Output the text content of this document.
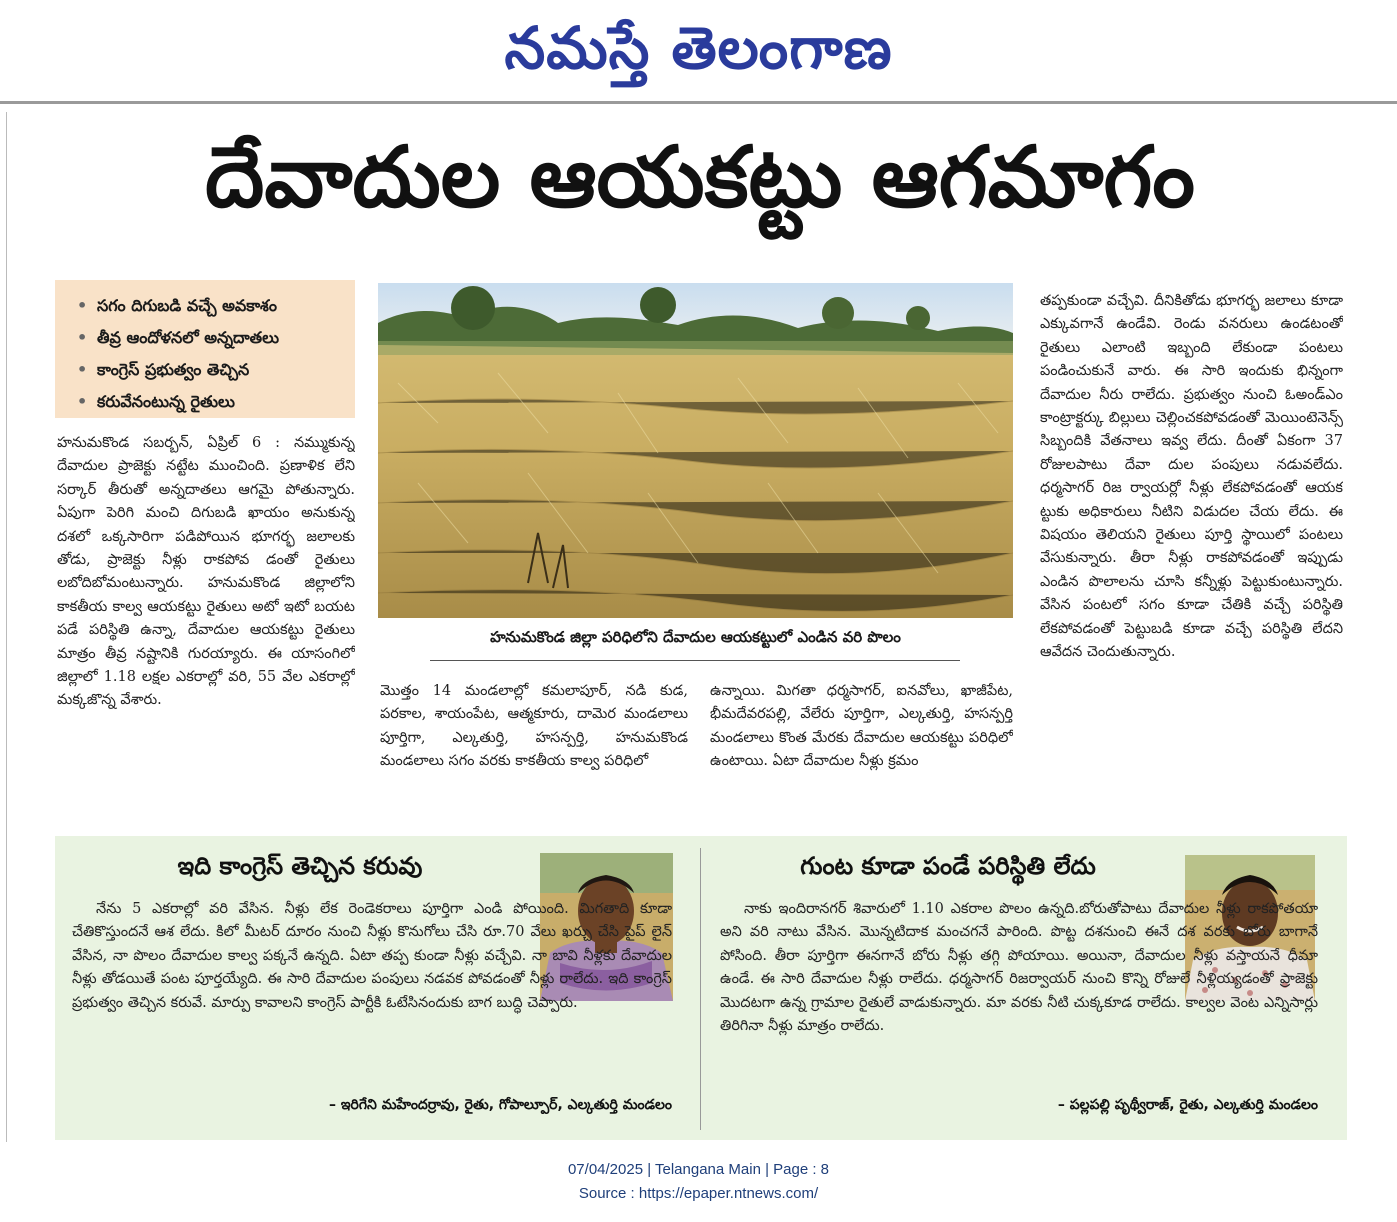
నమస్తే తెలంగాణ
దేవాదుల ఆయకట్టు ఆగమాగం
• సగం దిగుబడి వచ్చే అవకాశం
• తీవ్ర ఆందోళనలో అన్నదాతలు
• కాంగ్రెస్ ప్రభుత్వం తెచ్చిన
• కరువేనంటున్న రైతులు
హనుమకొండ సబర్బన్, ఏప్రిల్ 6 : నమ్ముకున్న దేవాదుల ప్రాజెక్టు నట్టేట ముంచింది. ప్రణాళిక లేని సర్కార్ తీరుతో అన్నదాతలు ఆగమై పోతున్నారు. ఏపుగా పెరిగి మంచి దిగుబడి ఖాయం అనుకున్న దశలో ఒక్కసారిగా పడిపోయిన భూగర్భ జలాలకు తోడు, ప్రాజెక్టు నీళ్లు రాకపోవ డంతో రైతులు లబోదిబోమంటున్నారు. హనుమకొండ జిల్లాలోని కాకతీయ కాల్వ ఆయకట్టు రైతులు అటో ఇటో బయట పడే పరిస్థితి ఉన్నా, దేవాదుల ఆయకట్టు రైతులు మాత్రం తీవ్ర నష్టానికి గురయ్యారు. ఈ యాసంగిలో జిల్లాలో 1.18 లక్షల ఎకరాల్లో వరి, 55 వేల ఎకరాల్లో మక్కజొన్న వేశారు.
హనుమకొండ జిల్లా పరిధిలోని దేవాదుల ఆయకట్టులో ఎండిన వరి పొలం
మొత్తం 14 మండలాల్లో కమలాపూర్, నడి కుడ, పరకాల, శాయంపేట, ఆత్మకూరు, దామెర మండలాలు పూర్తిగా, ఎల్కతుర్తి, హసన్పర్తి, హనుమకొండ మండలాలు సగం వరకు కాకతీయ కాల్వ పరిధిలో
ఉన్నాయి. మిగతా ధర్మసాగర్, ఐనవోలు, ఖాజీపేట, భీమదేవరపల్లి, వేలేరు పూర్తిగా, ఎల్కతుర్తి, హసన్పర్తి మండలాలు కొంత మేరకు దేవాదుల ఆయకట్టు పరిధిలో ఉంటాయి. ఏటా దేవాదుల నీళ్లు క్రమం
తప్పకుండా వచ్చేవి. దీనికితోడు భూగర్భ జలాలు కూడా ఎక్కువగానే ఉండేవి. రెండు వనరులు ఉండటంతో రైతులు ఎలాంటి ఇబ్బంది లేకుండా పంటలు పండించుకునే వారు. ఈ సారి ఇందుకు భిన్నంగా దేవాదుల నీరు రాలేదు. ప్రభుత్వం నుంచి ఓఅండ్ఎం కాంట్రాక్టర్కు బిల్లులు చెల్లించకపోవడంతో మెయింటెనెన్స్ సిబ్బందికి వేతనాలు ఇవ్వ లేదు. దీంతో ఏకంగా 37 రోజులపాటు దేవా దుల పంపులు నడువలేదు. ధర్మసాగర్ రిజ ర్వాయర్లో నీళ్లు లేకపోవడంతో ఆయక ట్టుకు అధికారులు నీటిని విడుదల చేయ లేదు. ఈ విషయం తెలియని రైతులు పూర్తి స్థాయిలో పంటలు వేసుకున్నారు. తీరా నీళ్లు రాకపోవడంతో ఇప్పుడు ఎండిన పొలాలను చూసి కన్నీళ్లు పెట్టుకుంటున్నారు. వేసిన పంటలో సగం కూడా చేతికి వచ్చే పరిస్థితి లేకపోవడంతో పెట్టుబడి కూడా వచ్చే పరిస్థితి లేదని ఆవేదన చెందుతున్నారు.
ఇది కాంగ్రెస్ తెచ్చిన కరువు
నేను 5 ఎకరాల్లో వరి వేసిన. నీళ్లు లేక రెండెకరాలు పూర్తిగా ఎండి పోయింది. మిగతాది కూడా చేతికొస్తుందనే ఆశ లేదు. కిలో మీటర్ దూరం నుంచి నీళ్లు కొనుగోలు చేసి రూ.70 వేలు ఖర్చు చేసి పైప్ లైన్ వేసిన, నా పొలం దేవాదుల కాల్వ పక్కనే ఉన్నది. ఏటా తప్ప కుండా నీళ్లు వచ్చేవి. నా బావి నీళ్లకు దేవాదుల నీళ్లు తోడయితే పంట పూర్తయ్యేది. ఈ సారి దేవాదుల పంపులు నడవక పోవడంతో నీళ్లు రాలేదు. ఇది కాంగ్రెస్ ప్రభుత్వం తెచ్చిన కరువే. మార్పు కావాలని కాంగ్రెస్ పార్టీకి ఓటేసినందుకు బాగ బుద్ధి చెప్పారు.
– ఇరిగేని మహేందర్రావు, రైతు, గోపాల్పూర్, ఎల్కతుర్తి మండలం
గుంట కూడా పండే పరిస్థితి లేదు
నాకు ఇందిరానగర్ శివారులో 1.10 ఎకరాల పొలం ఉన్నది.బోరుతోపాటు దేవాదుల నీళ్లు రాకపోతయా అని వరి నాటు వేసిన. మొన్నటిదాక మంచగనే పారింది. పొట్ట దశనుంచి ఈనే దశ వరకు బోరు బాగానే పోసింది. తీరా పూర్తిగా ఈనగానే బోరు నీళ్లు తగ్గి పోయాయి. అయినా, దేవాదుల నీళ్లు వస్తాయనే ధీమా ఉండే. ఈ సారి దేవాదుల నీళ్లు రాలేదు. ధర్మసాగర్ రిజర్వాయర్ నుంచి కొన్ని రోజులే నీళ్లియ్యడంతో ప్రాజెక్టు మొదటగా ఉన్న గ్రామాల రైతులే వాడుకున్నారు. మా వరకు నీటి చుక్కకూడ రాలేదు. కాల్వల వెంట ఎన్నిసార్లు తిరిగినా నీళ్లు మాత్రం రాలేదు.
– పల్లపల్లి పృథ్వీరాజ్, రైతు, ఎల్కతుర్తి మండలం
07/04/2025 | Telangana Main | Page : 8
Source : https://epaper.ntnews.com/
